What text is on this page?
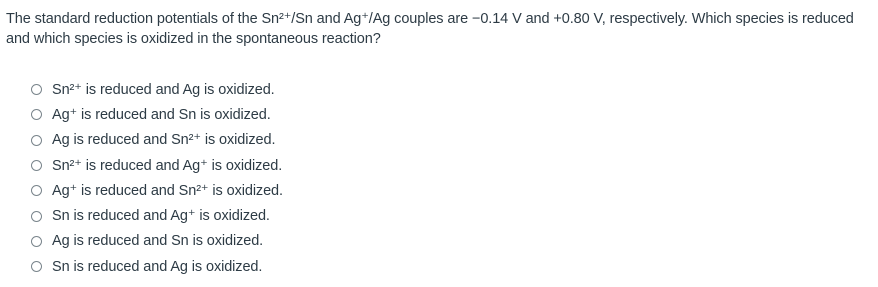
The standard reduction potentials of the Sn²⁺/Sn and Ag⁺/Ag couples are −0.14 V and +0.80 V, respectively. Which species is reduced and which species is oxidized in the spontaneous reaction?
Sn²⁺ is reduced and Ag is oxidized.
Ag⁺ is reduced and Sn is oxidized.
Ag is reduced and Sn²⁺ is oxidized.
Sn²⁺ is reduced and Ag⁺ is oxidized.
Ag⁺ is reduced and Sn²⁺ is oxidized.
Sn is reduced and Ag⁺ is oxidized.
Ag is reduced and Sn is oxidized.
Sn is reduced and Ag is oxidized.
